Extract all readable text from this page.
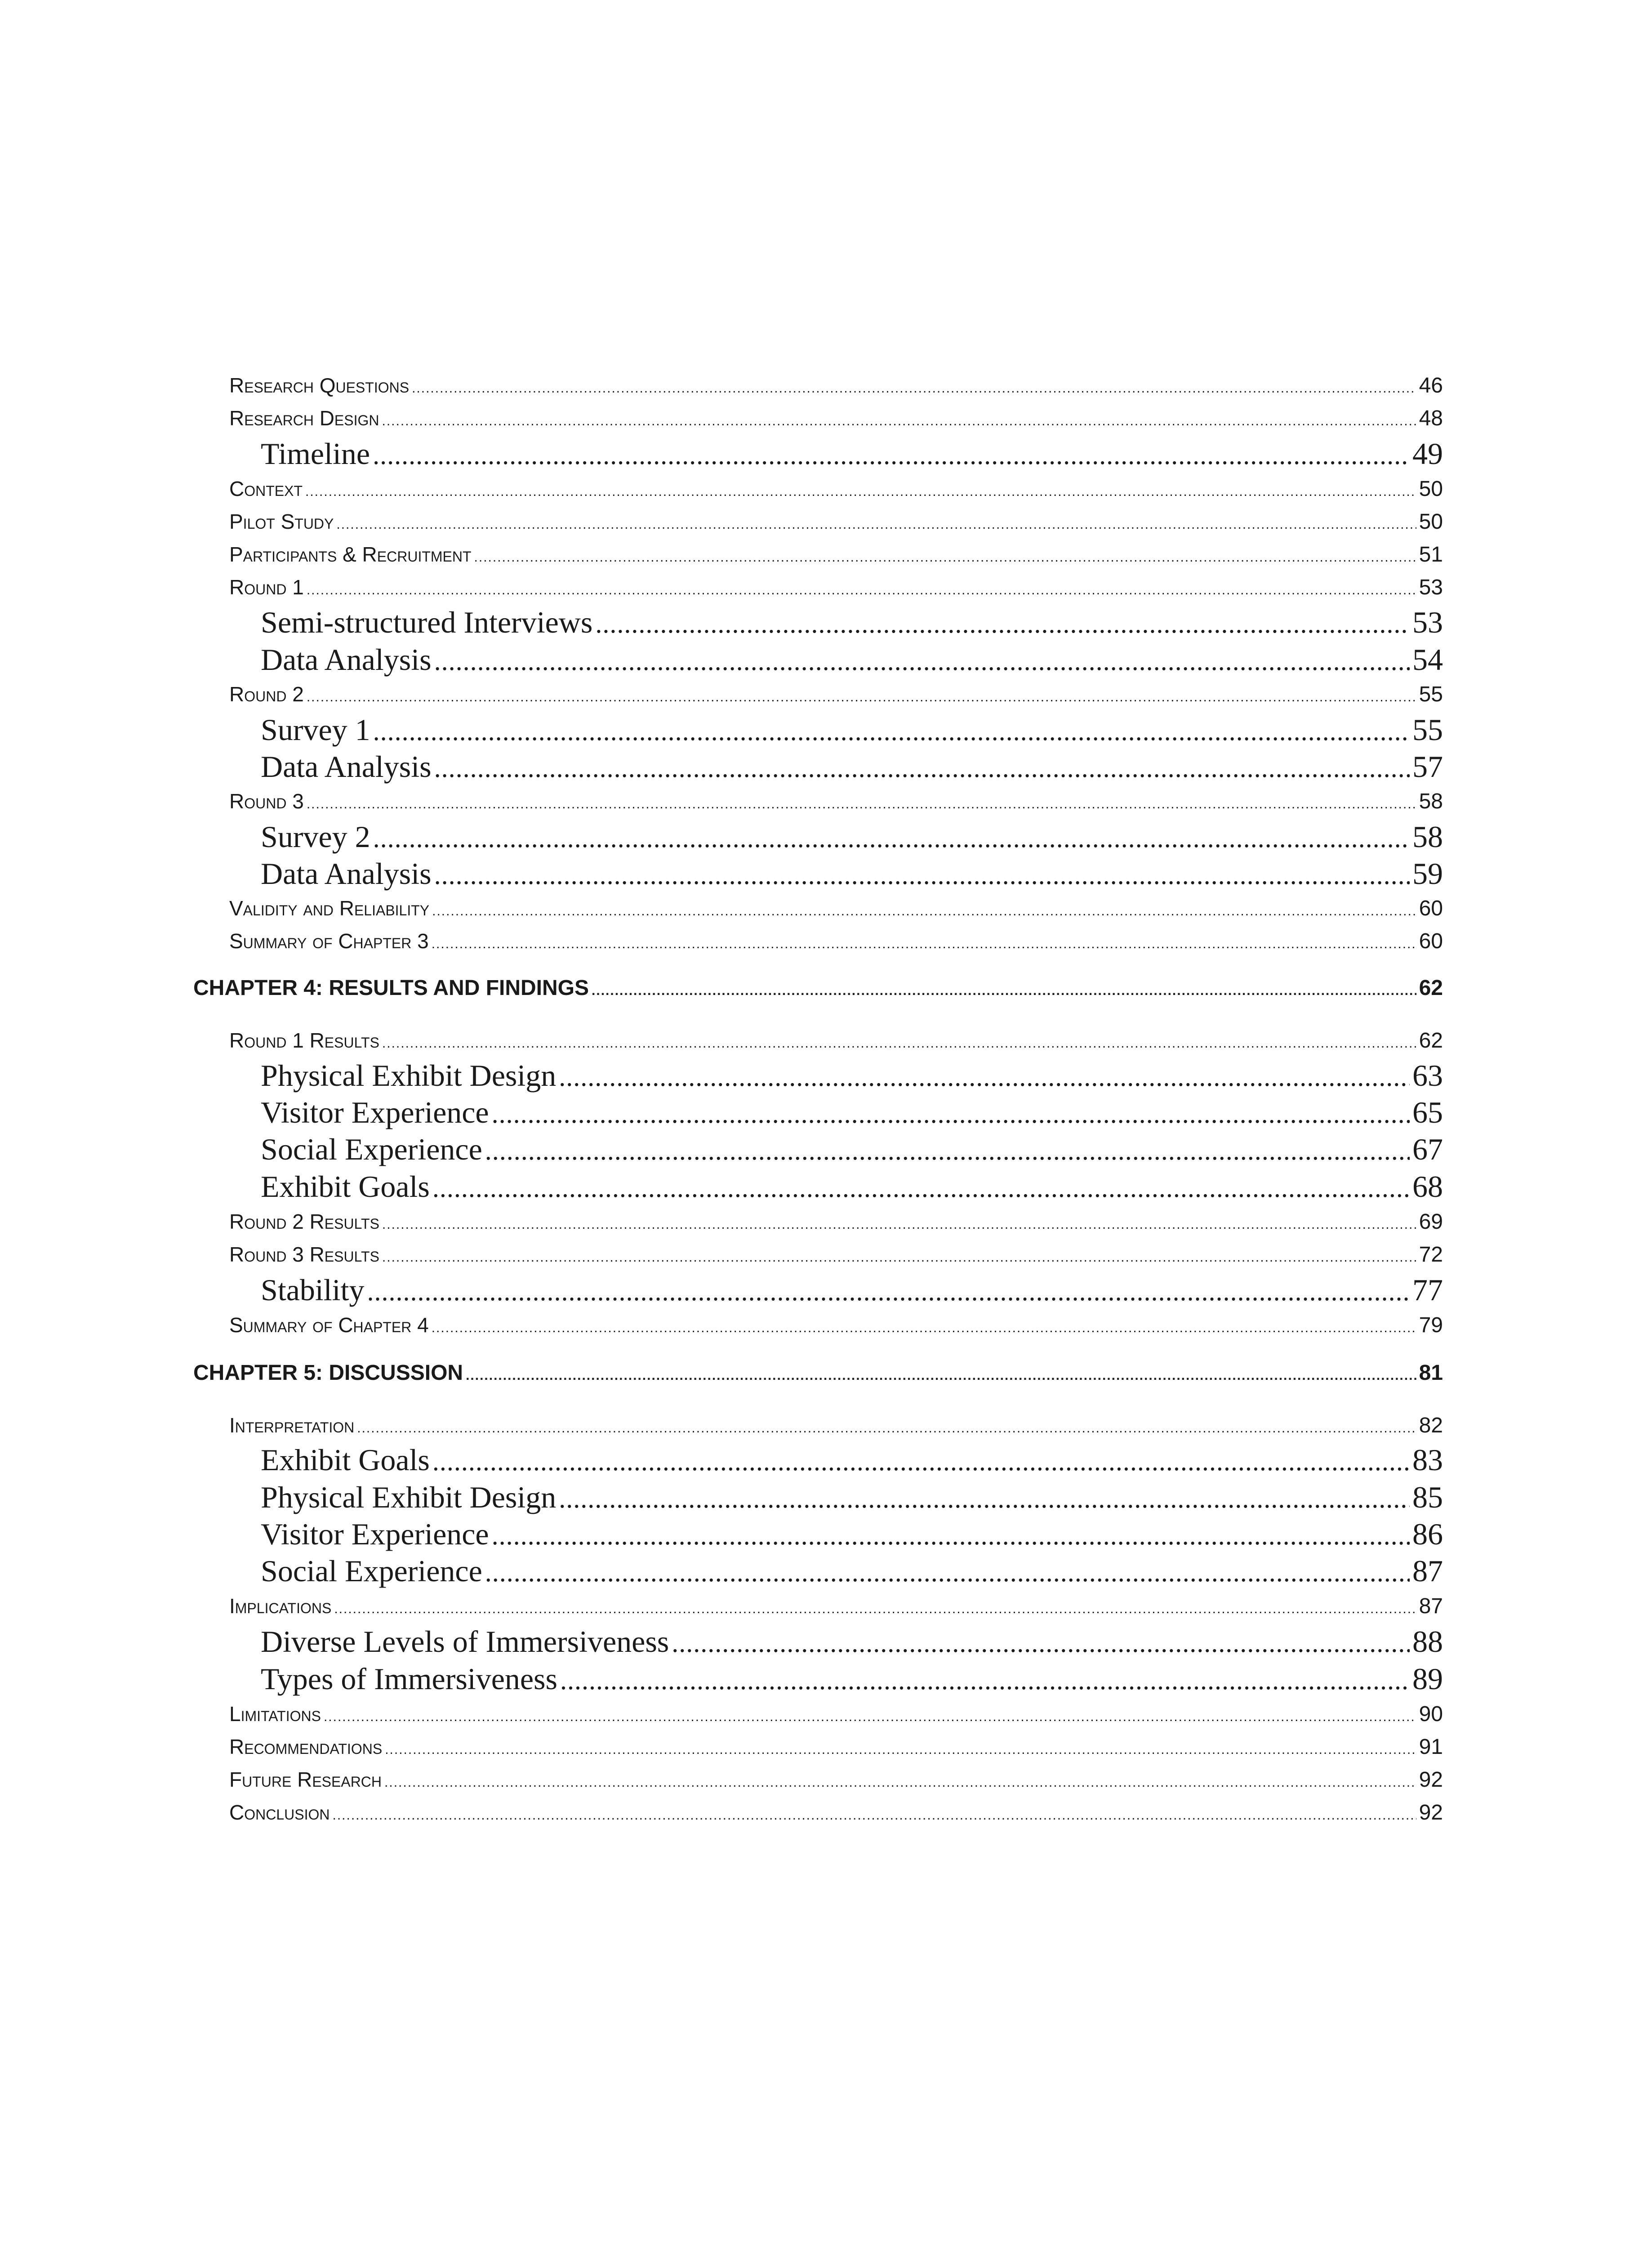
Research Questions .....	46
Research Design .....	48
Timeline .....	49
Context .....	50
Pilot Study .....	50
Participants & Recruitment .....	51
Round 1 .....	53
Semi-structured Interviews .....	53
Data Analysis .....	54
Round 2 .....	55
Survey 1 .....	55
Data Analysis .....	57
Round 3 .....	58
Survey 2 .....	58
Data Analysis .....	59
Validity and Reliability .....	60
Summary of Chapter 3 .....	60
CHAPTER 4: RESULTS AND FINDINGS .....	62
Round 1 Results .....	62
Physical Exhibit Design .....	63
Visitor Experience .....	65
Social Experience .....	67
Exhibit Goals .....	68
Round 2 Results .....	69
Round 3 Results .....	72
Stability .....	77
Summary of Chapter 4 .....	79
CHAPTER 5: DISCUSSION .....	81
Interpretation .....	82
Exhibit Goals .....	83
Physical Exhibit Design .....	85
Visitor Experience .....	86
Social Experience .....	87
Implications .....	87
Diverse Levels of Immersiveness .....	88
Types of Immersiveness .....	89
Limitations .....	90
Recommendations .....	91
Future Research .....	92
Conclusion .....	92
